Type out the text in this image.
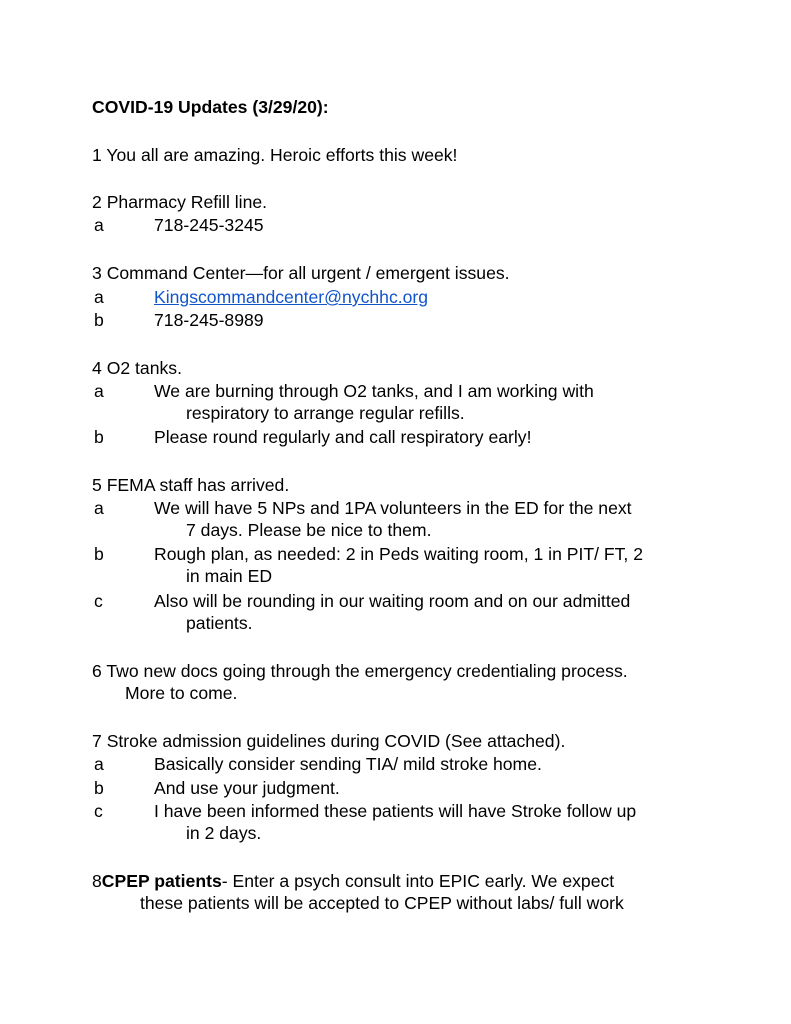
COVID-19 Updates (3/29/20):
1 You all are amazing. Heroic efforts this week!
2 Pharmacy Refill line.
a	718-245-3245
3 Command Center—for all urgent / emergent issues.
a	Kingscommandcenter@nychhc.org
b	718-245-8989
4 O2 tanks.
a	We are burning through O2 tanks, and I am working with
respiratory to arrange regular refills.
b	Please round regularly and call respiratory early!
5 FEMA staff has arrived.
a	We will have 5 NPs and 1PA volunteers in the ED for the next
7 days. Please be nice to them.
b	Rough plan, as needed: 2 in Peds waiting room, 1 in PIT/ FT, 2
in main ED
c	Also will be rounding in our waiting room and on our admitted
patients.
6 Two new docs going through the emergency credentialing process.
More to come.
7 Stroke admission guidelines during COVID (See attached).
a	Basically consider sending TIA/ mild stroke home.
b	And use your judgment.
c	I have been informed these patients will have Stroke follow up
in 2 days.
8CPEP patients- Enter a psych consult into EPIC early. We expect
these patients will be accepted to CPEP without labs/ full work
